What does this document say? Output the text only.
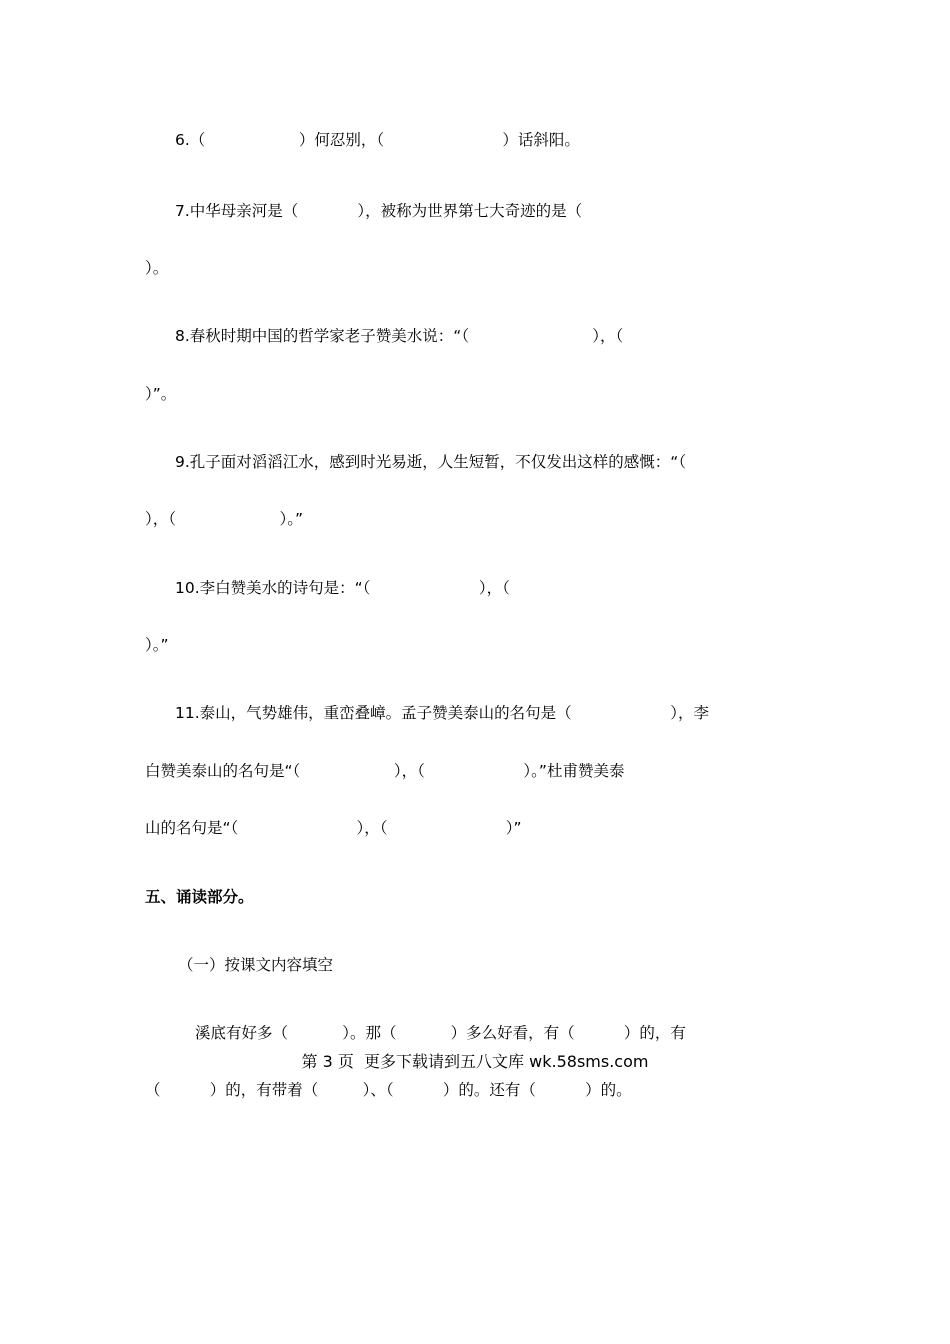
6.（                   ）何忍别，（                        ）话斜阳。

7.中华母亲河是（            ），被称为世界第七大奇迹的是（

）。

8.春秋时期中国的哲学家老子赞美水说：“（                         ），（

）”。

9.孔子面对滔滔江水，感到时光易逝，人生短暂，不仅发出这样的感慨：“（

），（                     ）。”

10.李白赞美水的诗句是：“（                      ），（

）。”

11.泰山，气势雄伟，重峦叠嶂。孟子赞美泰山的名句是（                    ），李

白赞美泰山的名句是“（                   ），（                    ）。”杜甫赞美泰

山的名句是“（                        ），（                        ）”

五、诵读部分。

（一）按课文内容填空

溪底有好多（           ）。那（           ）多么好看，有（          ）的，有

（          ）的，有带着（         ）、（          ）的。还有（          ）的。

第 3 页  更多下载请到五八文库 wk.58sms.com
